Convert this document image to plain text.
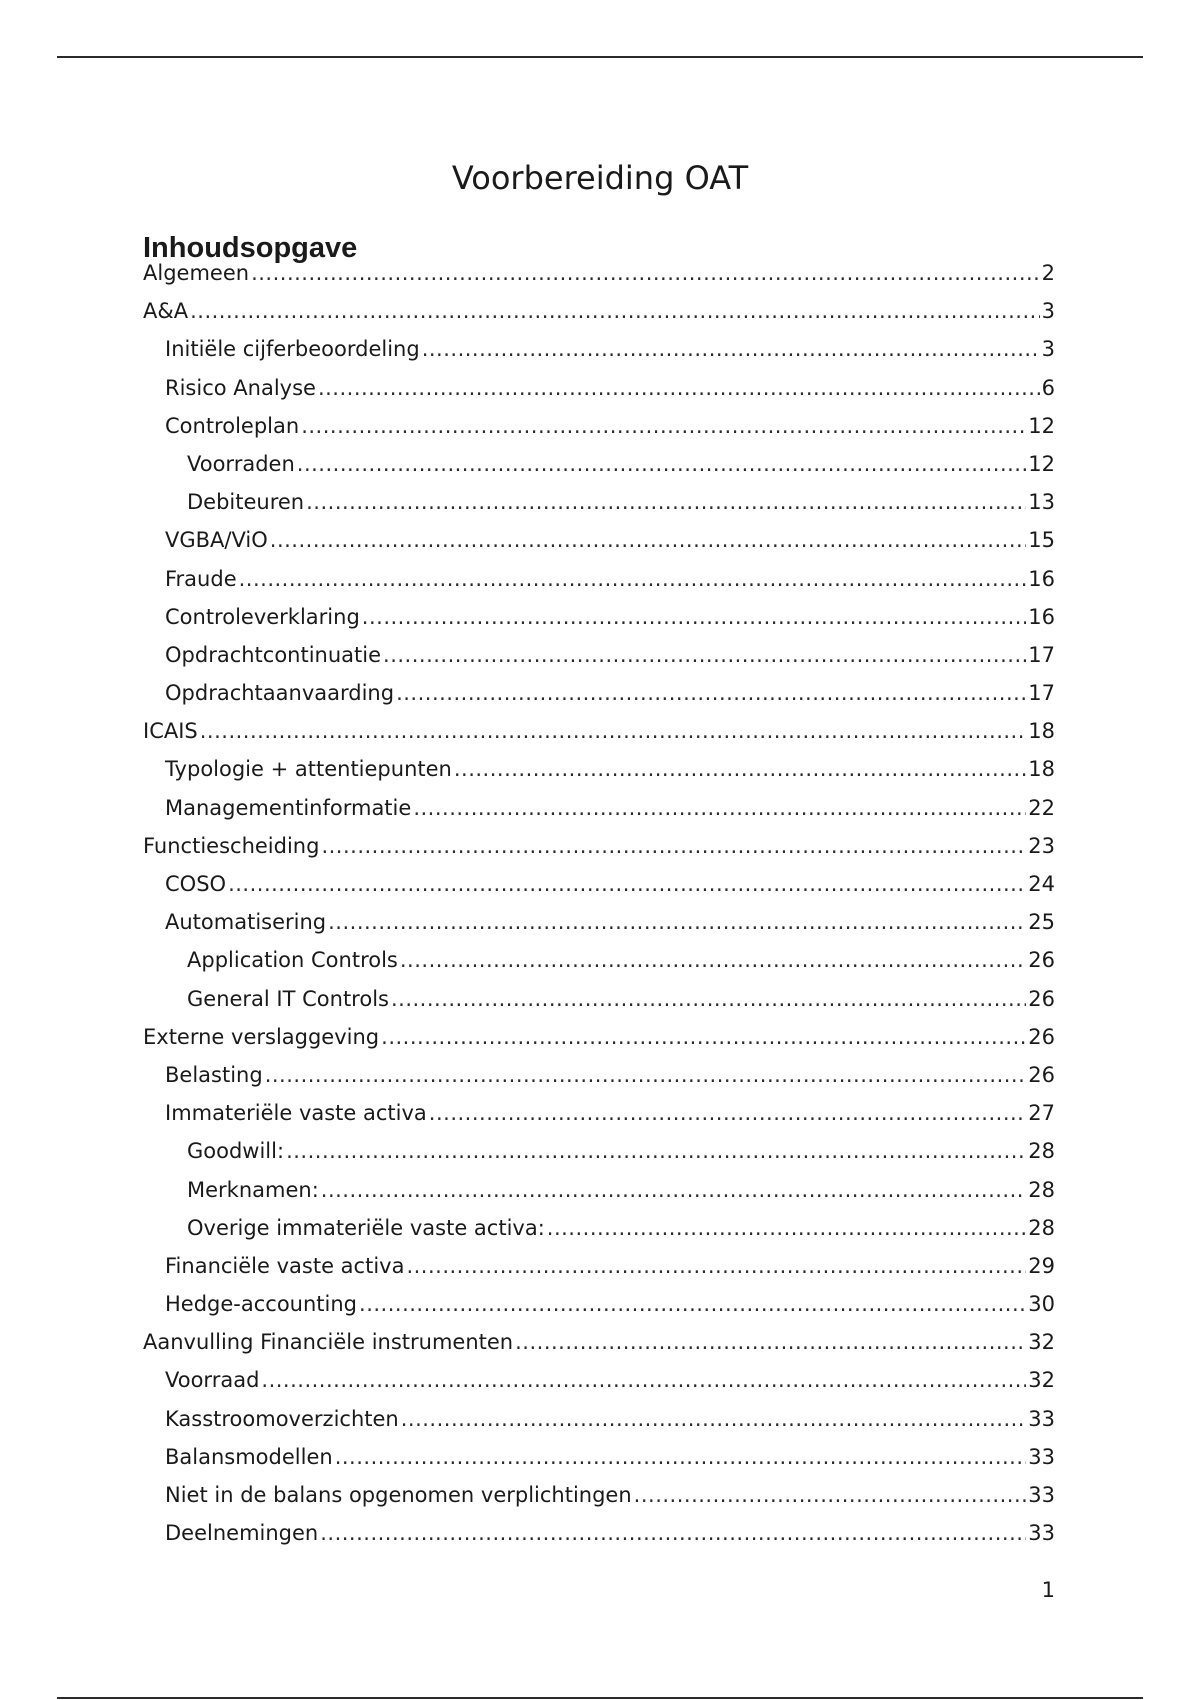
Voorbereiding OAT
Inhoudsopgave
Algemeen .....	2
A&A .....	3
Initiële cijferbeoordeling .....	3
Risico Analyse .....	6
Controleplan .....	12
Voorraden .....	12
Debiteuren .....	13
VGBA/ViO .....	15
Fraude .....	16
Controleverklaring .....	16
Opdrachtcontinuatie .....	17
Opdrachtaanvaarding .....	17
ICAIS .....	18
Typologie + attentiepunten .....	18
Managementinformatie .....	22
Functiescheiding .....	23
COSO .....	24
Automatisering .....	25
Application Controls .....	26
General IT Controls .....	26
Externe verslaggeving .....	26
Belasting .....	26
Immateriële vaste activa .....	27
Goodwill: .....	28
Merknamen: .....	28
Overige immateriële vaste activa: .....	28
Financiële vaste activa .....	29
Hedge-accounting .....	30
Aanvulling Financiële instrumenten .....	32
Voorraad .....	32
Kasstroomoverzichten .....	33
Balansmodellen .....	33
Niet in de balans opgenomen verplichtingen .....	33
Deelnemingen .....	33
1
